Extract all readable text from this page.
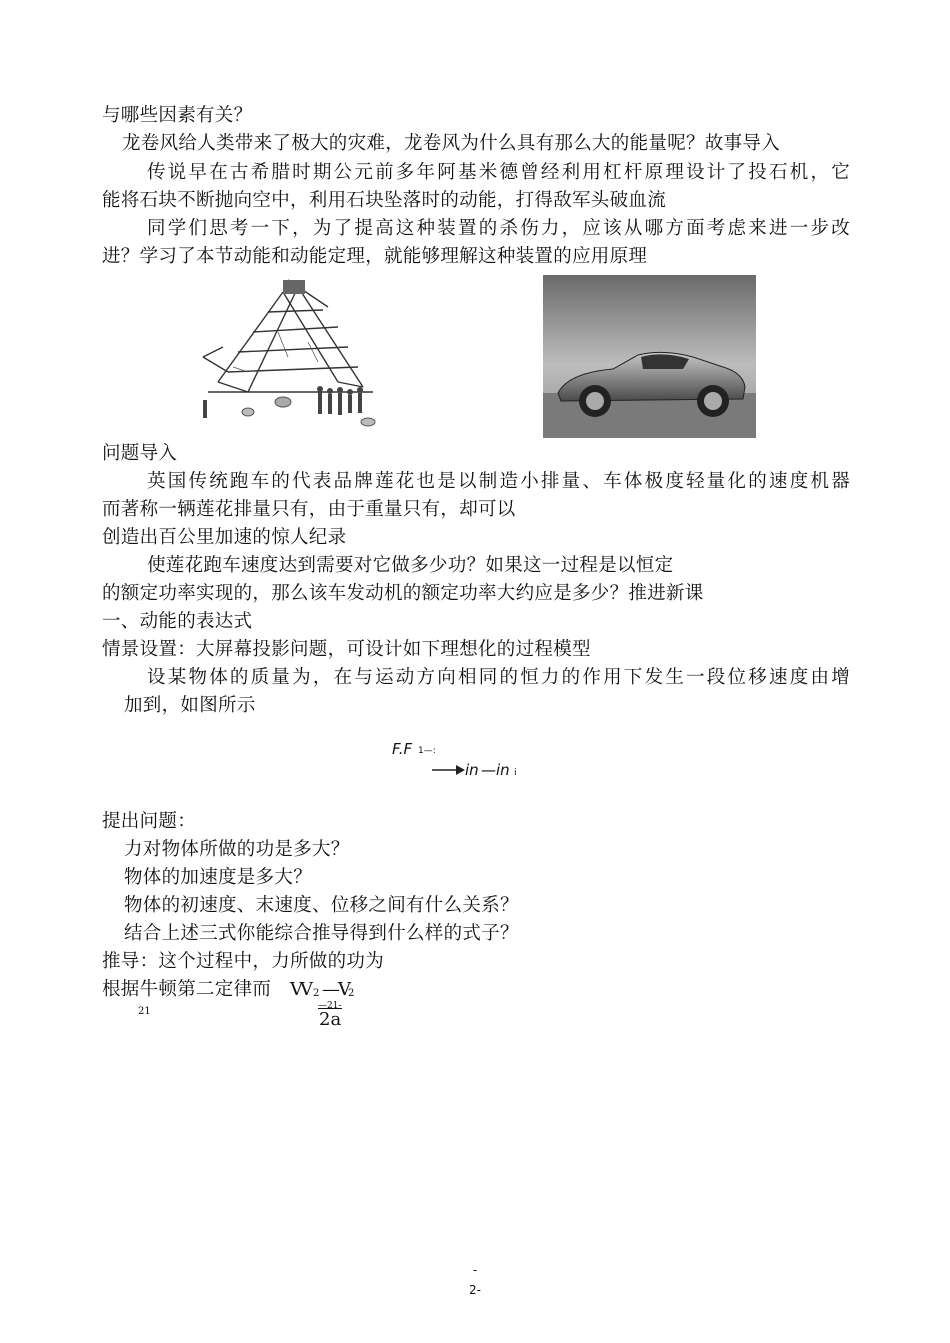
与哪些因素有关？
龙卷风给人类带来了极大的灾难，龙卷风为什么具有那么大的能量呢？故事导入
传说早在古希腊时期公元前多年阿基米德曾经利用杠杆原理设计了投石机，它
能将石块不断抛向空中，利用石块坠落时的动能，打得敌军头破血流
同学们思考一下，为了提高这种装置的杀伤力，应该从哪方面考虑来进一步改
进？学习了本节动能和动能定理，就能够理解这种装置的应用原理
问题导入
英国传统跑车的代表品牌莲花也是以制造小排量、车体极度轻量化的速度机器
而著称一辆莲花排量只有，由于重量只有，却可以
创造出百公里加速的惊人纪录
使莲花跑车速度达到需要对它做多少功？如果这一过程是以恒定
的额定功率实现的，那么该车发动机的额定功率大约应是多少？推进新课
一、动能的表达式
情景设置：大屏幕投影问题，可设计如下理想化的过程模型
设某物体的质量为，在与运动方向相同的恒力的作用下发生一段位移速度由增
加到，如图所示
F.F 1—:
in —in i
提出问题：
力对物体所做的功是多大？
物体的加速度是多大？
物体的初速度、末速度、位移之间有什么关系？
结合上述三式你能综合推导得到什么样的式子？
推导：这个过程中，力所做的功为
根据牛顿第二定律而	VV 2 —V 2
—21-
2a
21
-
2-
